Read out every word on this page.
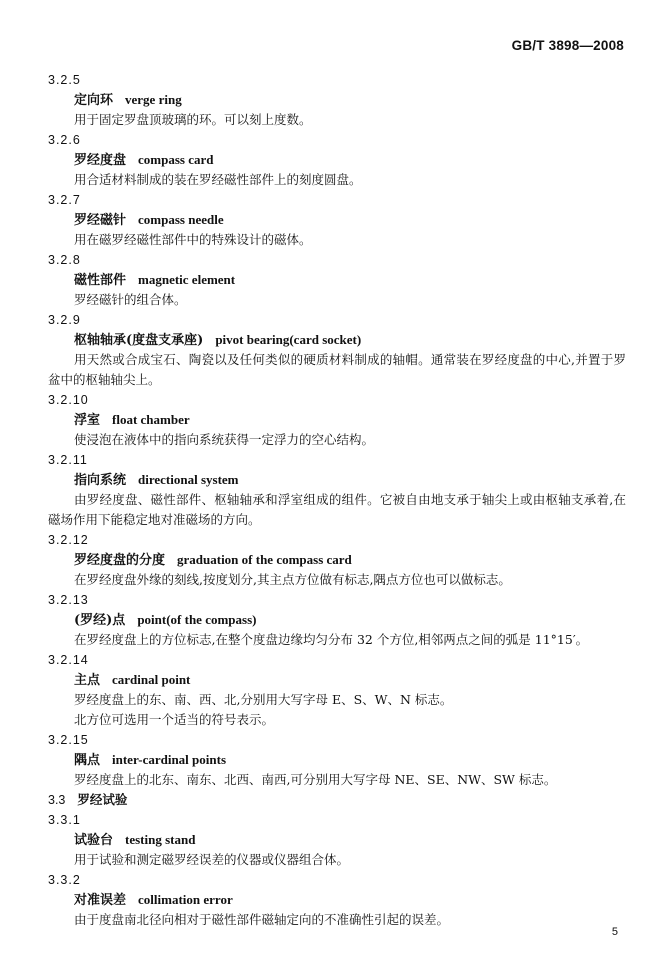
GB/T 3898—2008
3.2.5
定向环 verge ring
用于固定罗盘顶玻璃的环。可以刻上度数。
3.2.6
罗经度盘 compass card
用合适材料制成的装在罗经磁性部件上的刻度圆盘。
3.2.7
罗经磁针 compass needle
用在磁罗经磁性部件中的特殊设计的磁体。
3.2.8
磁性部件 magnetic element
罗经磁针的组合体。
3.2.9
枢轴轴承(度盘支承座) pivot bearing(card socket)
用天然或合成宝石、陶瓷以及任何类似的硬质材料制成的轴帽。通常装在罗经度盘的中心,并置于罗盆中的枢轴轴尖上。
3.2.10
浮室 float chamber
使浸泡在液体中的指向系统获得一定浮力的空心结构。
3.2.11
指向系统 directional system
由罗经度盘、磁性部件、枢轴轴承和浮室组成的组件。它被自由地支承于轴尖上或由枢轴支承着,在磁场作用下能稳定地对准磁场的方向。
3.2.12
罗经度盘的分度 graduation of the compass card
在罗经度盘外缘的刻线,按度划分,其主点方位做有标志,隅点方位也可以做标志。
3.2.13
(罗经)点 point(of the compass)
在罗经度盘上的方位标志,在整个度盘边缘均匀分布 32 个方位,相邻两点之间的弧是 11°15′。
3.2.14
主点 cardinal point
罗经度盘上的东、南、西、北,分别用大写字母 E、S、W、N 标志。
北方位可选用一个适当的符号表示。
3.2.15
隅点 inter-cardinal points
罗经度盘上的北东、南东、北西、南西,可分别用大写字母 NE、SE、NW、SW 标志。
3.3 罗经试验
3.3.1
试验台 testing stand
用于试验和测定磁罗经误差的仪器或仪器组合体。
3.3.2
对准误差 collimation error
由于度盘南北径向相对于磁性部件磁轴定向的不准确性引起的误差。
5
